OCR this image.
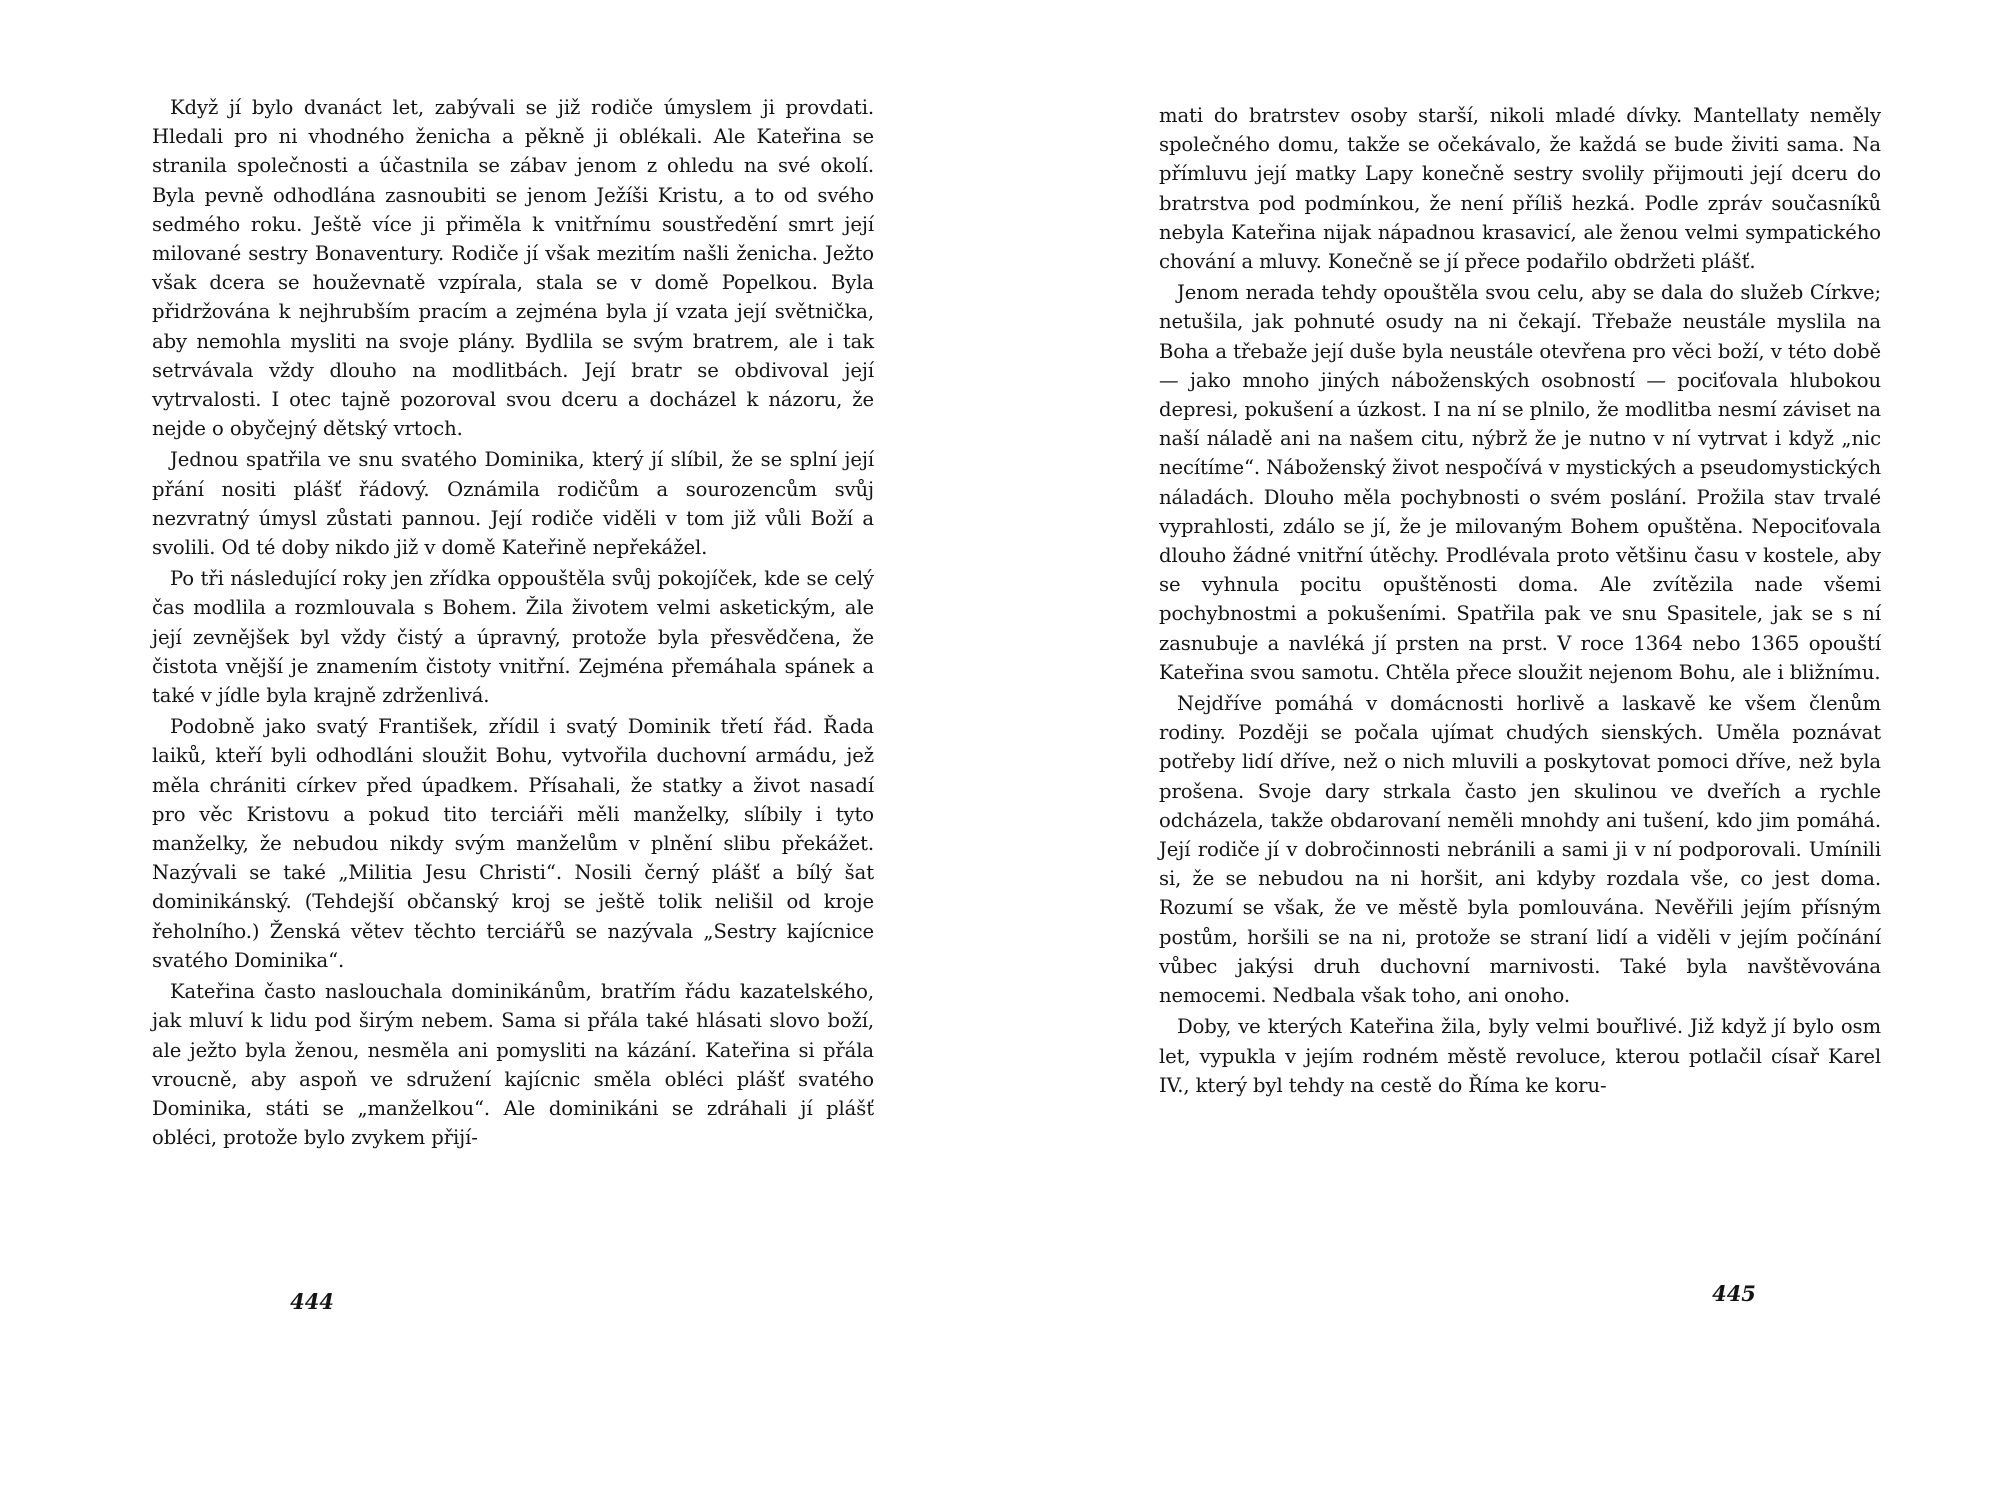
Když jí bylo dvanáct let, zabývali se již rodiče úmyslem ji provdati. Hledali pro ni vhodného ženicha a pěkně ji oblékali. Ale Kateřina se stranila společnosti a účastnila se zábav jenom z ohledu na své okolí. Byla pevně odhodlána zasnoubiti se jenom Ježíši Kristu, a to od svého sedmého roku. Ještě více ji přiměla k vnitřnímu soustředění smrt její milované sestry Bonaventury. Rodiče jí však mezitím našli ženicha. Ježto však dcera se houževnatě vzpírala, stala se v domě Popelkou. Byla přidržována k nejhrubším pracím a zejména byla jí vzata její světnička, aby nemohla mysliti na svoje plány. Bydlila se svým bratrem, ale i tak setrvávala vždy dlouho na modlitbách. Její bratr se obdivoval její vytrvalosti. I otec tajně pozoroval svou dceru a docházel k názoru, že nejde o obyčejný dětský vrtoch.

Jednou spatřila ve snu svatého Dominika, který jí slíbil, že se splní její přání nositi plášť řádový. Oznámila rodičům a sourozencům svůj nezvratný úmysl zůstati pannou. Její rodiče viděli v tom již vůli Boží a svolili. Od té doby nikdo již v domě Kateřině nepřekážel.

Po tři následující roky jen zřídka oppouštěla svůj pokojíček, kde se celý čas modlila a rozmlouvala s Bohem. Žila životem velmi asketickým, ale její zevnějšek byl vždy čistý a úpravný, protože byla přesvědčena, že čistota vnější je znamením čistoty vnitřní. Zejména přemáhala spánek a také v jídle byla krajně zdrženlivá.

Podobně jako svatý František, zřídil i svatý Dominik třetí řád. Řada laiků, kteří byli odhodláni sloužit Bohu, vytvořila duchovní armádu, jež měla chrániti církev před úpadkem. Přísahali, že statky a život nasadí pro věc Kristovu a pokud tito terciáři měli manželky, slíbily i tyto manželky, že nebudou nikdy svým manželům v plnění slibu překážet. Nazývali se také „Militia Jesu Christi“. Nosili černý plášť a bílý šat dominikánský. (Tehdejší občanský kroj se ještě tolik nelišil od kroje řeholního.) Ženská větev těchto terciářů se nazývala „Sestry kajícnice svatého Dominika“.

Kateřina často naslouchala dominikánům, bratřím řádu kazatelského, jak mluví k lidu pod širým nebem. Sama si přála také hlásati slovo boží, ale ježto byla ženou, nesměla ani pomysliti na kázání. Kateřina si přála vroucně, aby aspoň ve sdružení kajícnic směla obléci plášť svatého Dominika, státi se „manželkou“. Ale dominikáni se zdráhali jí plášť obléci, protože bylo zvykem přijí-

444

mati do bratrstev osoby starší, nikoli mladé dívky. Mantellaty neměly společného domu, takže se očekávalo, že každá se bude živiti sama. Na přímluvu její matky Lapy konečně sestry svolily přijmouti její dceru do bratrstva pod podmínkou, že není příliš hezká. Podle zpráv současníků nebyla Kateřina nijak nápadnou krasavicí, ale ženou velmi sympatického chování a mluvy. Konečně se jí přece podařilo obdržeti plášť.

Jenom nerada tehdy opouštěla svou celu, aby se dala do služeb Církve; netušila, jak pohnuté osudy na ni čekají. Třebaže neustále myslila na Boha a třebaže její duše byla neustále otevřena pro věci boží, v této době — jako mnoho jiných náboženských osobností — pociťovala hlubokou depresi, pokušení a úzkost. I na ní se plnilo, že modlitba nesmí záviset na naší náladě ani na našem citu, nýbrž že je nutno v ní vytrvat i když „nic necítíme“. Náboženský život nespočívá v mystických a pseudomystických náladách. Dlouho měla pochybnosti o svém poslání. Prožila stav trvalé vyprahlosti, zdálo se jí, že je milovaným Bohem opuštěna. Nepociťovala dlouho žádné vnitřní útěchy. Prodlévala proto většinu času v kostele, aby se vyhnula pocitu opuštěnosti doma. Ale zvítězila nade všemi pochybnostmi a pokušeními. Spatřila pak ve snu Spasitele, jak se s ní zasnubuje a navléká jí prsten na prst. V roce 1364 nebo 1365 opouští Kateřina svou samotu. Chtěla přece sloužit nejenom Bohu, ale i bližnímu.

Nejdříve pomáhá v domácnosti horlivě a laskavě ke všem členům rodiny. Později se počala ujímat chudých sienských. Uměla poznávat potřeby lidí dříve, než o nich mluvili a poskytovat pomoci dříve, než byla prošena. Svoje dary strkala často jen skulinou ve dveřích a rychle odcházela, takže obdarovaní neměli mnohdy ani tušení, kdo jim pomáhá. Její rodiče jí v dobročinnosti nebránili a sami ji v ní podporovali. Umínili si, že se nebudou na ni horšit, ani kdyby rozdala vše, co jest doma. Rozumí se však, že ve městě byla pomlouvána. Nevěřili jejím přísným postům, horšili se na ni, protože se straní lidí a viděli v jejím počínání vůbec jakýsi druh duchovní marnivosti. Také byla navštěvována nemocemi. Nedbala však toho, ani onoho.

Doby, ve kterých Kateřina žila, byly velmi bouřlivé. Již když jí bylo osm let, vypukla v jejím rodném městě revoluce, kterou potlačil císař Karel IV., který byl tehdy na cestě do Říma ke koru-

445
